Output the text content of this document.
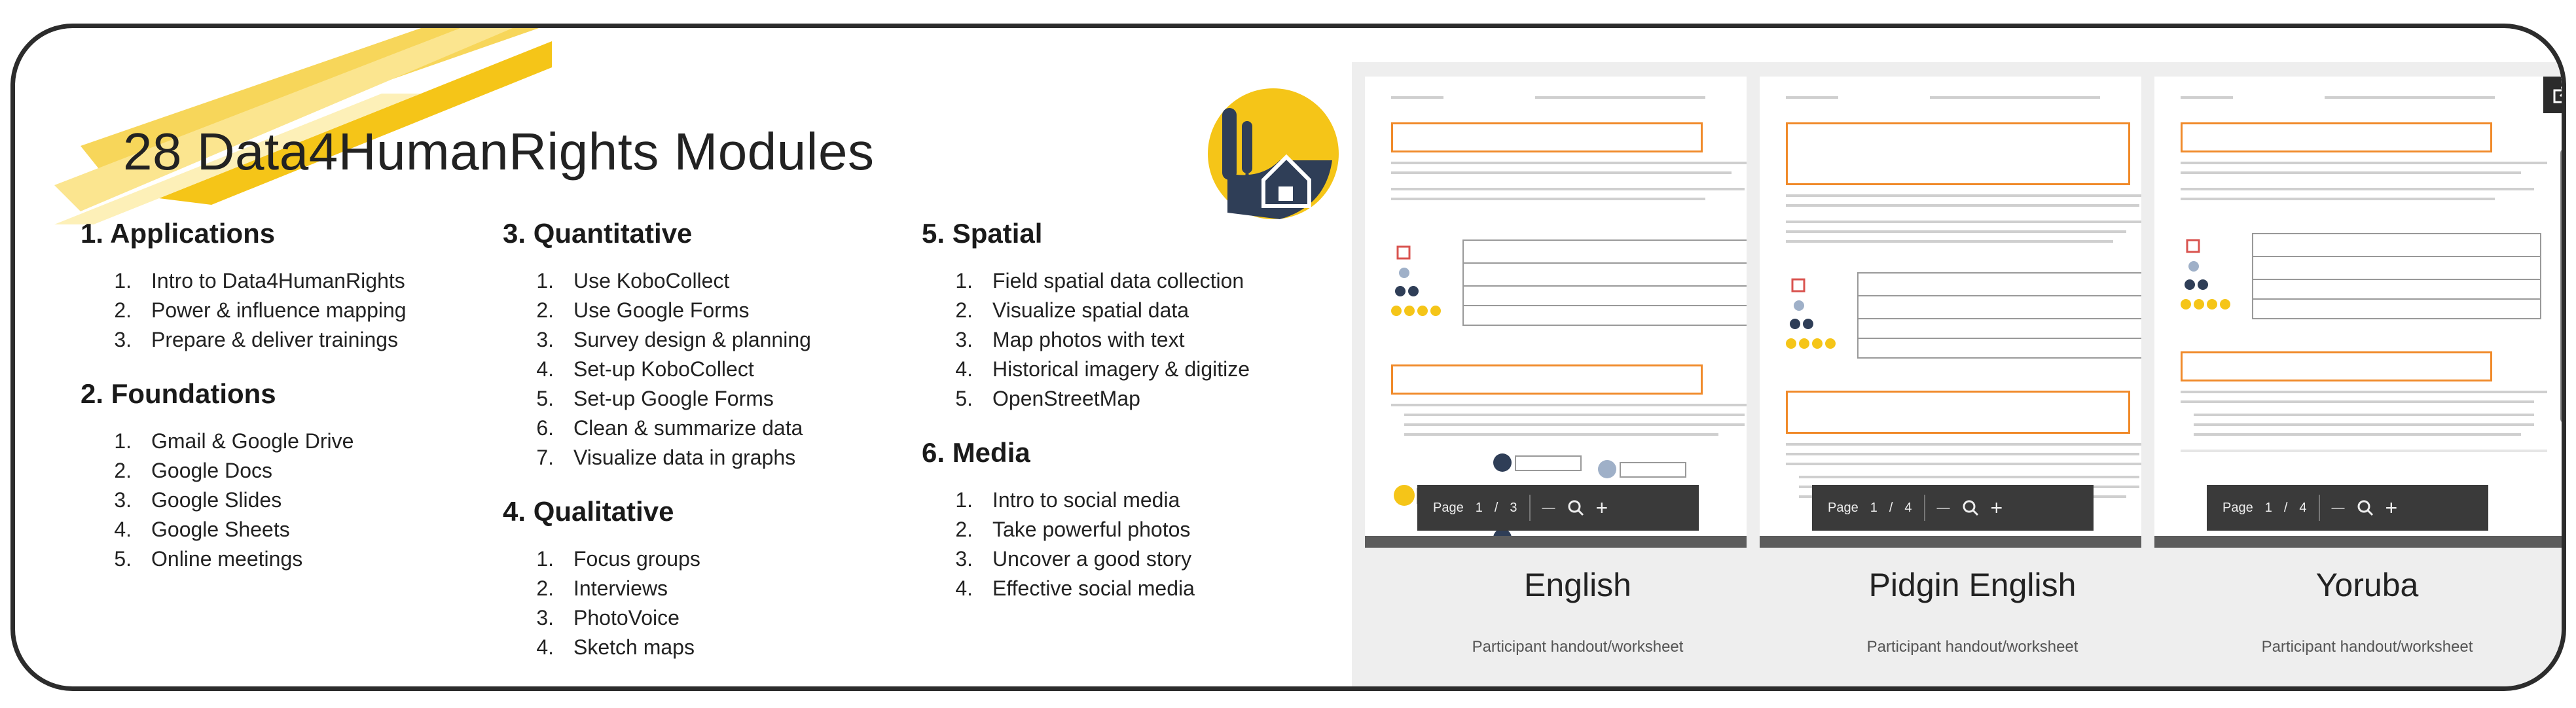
28 Data4HumanRights Modules
1. Applications
1. Intro to Data4HumanRights
2. Power & influence mapping
3. Prepare & deliver trainings
2. Foundations
1. Gmail & Google Drive
2. Google Docs
3. Google Slides
4. Google Sheets
5. Online meetings
3. Quantitative
1. Use KoboCollect
2. Use Google Forms
3. Survey design & planning
4. Set-up KoboCollect
5. Set-up Google Forms
6. Clean & summarize data
7. Visualize data in graphs
4. Qualitative
1. Focus groups
2. Interviews
3. PhotoVoice
4. Sketch maps
5. Spatial
1. Field spatial data collection
2. Visualize spatial data
3. Map photos with text
4. Historical imagery & digitize
5. OpenStreetMap
6. Media
1. Intro to social media
2. Take powerful photos
3. Uncover a good story
4. Effective social media
Page 1 / 3 — +
English
Participant handout/worksheet
Page 1 / 4 — +
Pidgin English
Participant handout/worksheet
Page 1 / 4 — +
Yoruba
Participant handout/worksheet
